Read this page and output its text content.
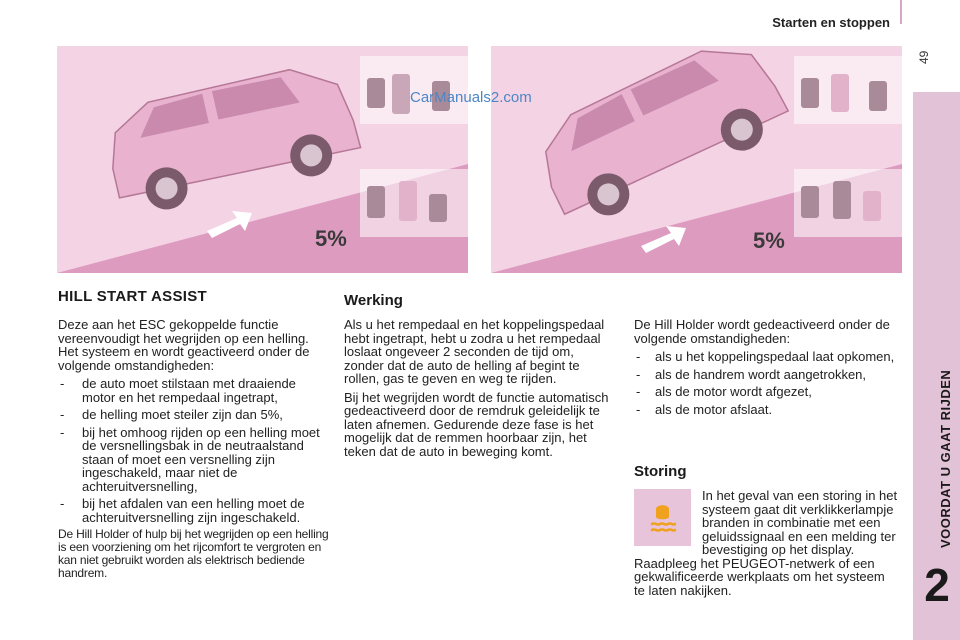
Starten en stoppen
49
VOORDAT U GAAT RIJDEN
2
5%	5%
CarManuals2.com
HILL START ASSIST

Deze aan het ESC gekoppelde functie vereenvoudigt het wegrijden op een helling. Het systeem en wordt geactiveerd onder de volgende omstandigheden:

- de auto moet stilstaan met draaiende motor en het rempedaal ingetrapt,
- de helling moet steiler zijn dan 5%,
- bij het omhoog rijden op een helling moet de versnellingsbak in de neutraalstand staan of moet een versnelling zijn ingeschakeld, maar niet de achteruitversnelling,
- bij het afdalen van een helling moet de achteruitversnelling zijn ingeschakeld.

De Hill Holder of hulp bij het wegrijden op een helling is een voorziening om het rijcomfort te vergroten en kan niet gebruikt worden als elektrisch bediende handrem.

Werking

Als u het rempedaal en het koppelingspedaal hebt ingetrapt, hebt u zodra u het rempedaal loslaat ongeveer 2 seconden de tijd om, zonder dat de auto de helling af begint te rollen, gas te geven en weg te rijden.

Bij het wegrijden wordt de functie automatisch gedeactiveerd door de remdruk geleidelijk te laten afnemen. Gedurende deze fase is het mogelijk dat de remmen hoorbaar zijn, het teken dat de auto in beweging komt.

De Hill Holder wordt gedeactiveerd onder de volgende omstandigheden:

- als u het koppelingspedaal laat opkomen,
- als de handrem wordt aangetrokken,
- als de motor wordt afgezet,
- als de motor afslaat.
Storing

In het geval van een storing in het systeem gaat dit verklikkerlampje branden in combinatie met een geluidssignaal en een melding ter bevestiging op het display. Raadpleeg het PEUGEOT-netwerk of een gekwalificeerde werkplaats om het systeem te laten nakijken.
